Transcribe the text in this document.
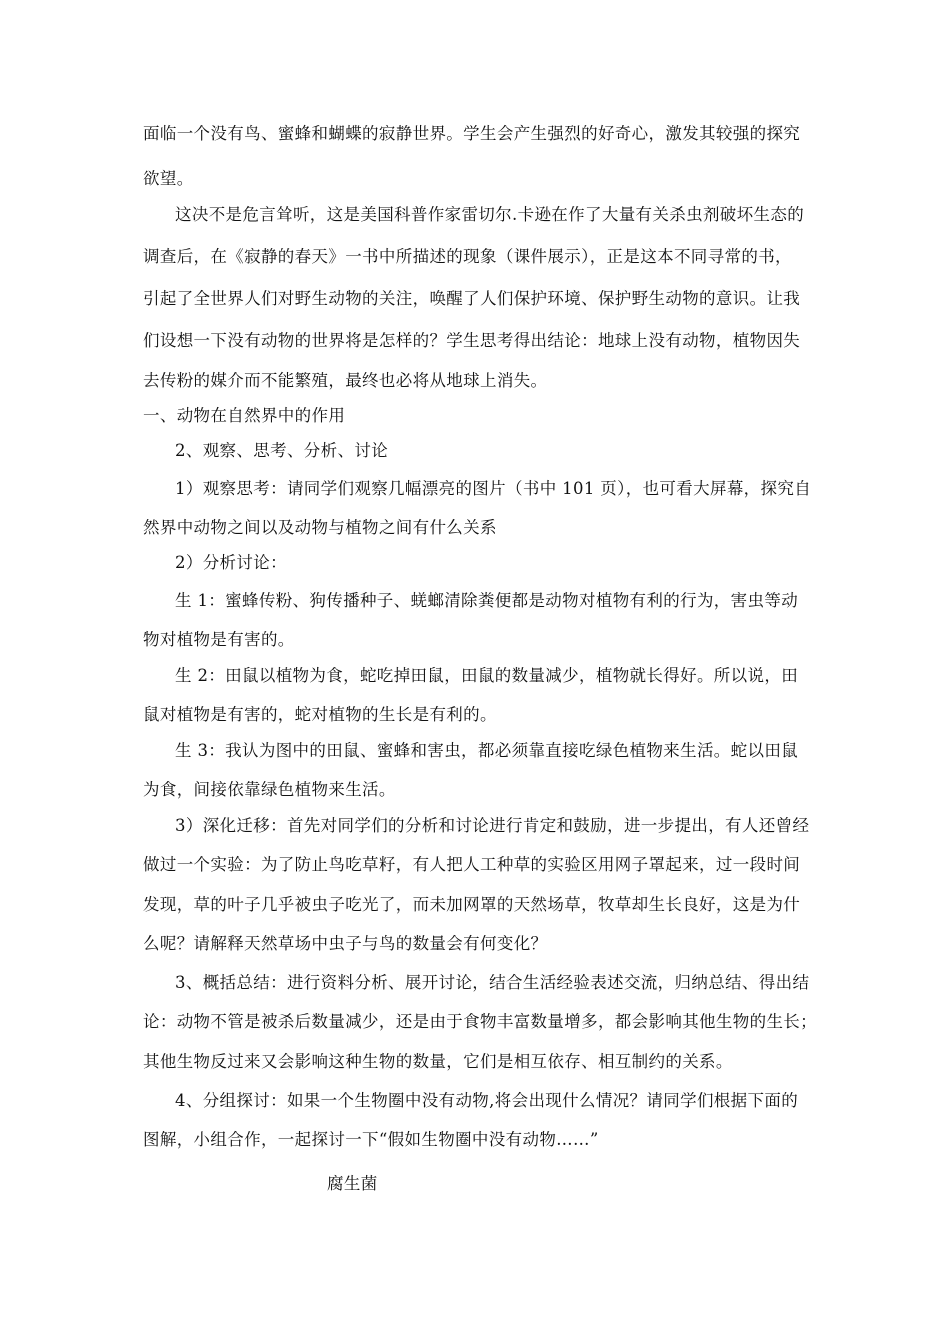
面临一个没有鸟、蜜蜂和蝴蝶的寂静世界。学生会产生强烈的好奇心，激发其较强的探究
欲望。
这决不是危言耸听，这是美国科普作家雷切尔.卡逊在作了大量有关杀虫剂破坏生态的
调查后，在《寂静的春天》一书中所描述的现象（课件展示），正是这本不同寻常的书，
引起了全世界人们对野生动物的关注，唤醒了人们保护环境、保护野生动物的意识。让我
们设想一下没有动物的世界将是怎样的？学生思考得出结论：地球上没有动物，植物因失
去传粉的媒介而不能繁殖，最终也必将从地球上消失。
一、动物在自然界中的作用
2、观察、思考、分析、讨论
1）观察思考：请同学们观察几幅漂亮的图片（书中 101 页），也可看大屏幕，探究自
然界中动物之间以及动物与植物之间有什么关系
2）分析讨论：
生 1：蜜蜂传粉、狗传播种子、蜣螂清除粪便都是动物对植物有利的行为，害虫等动
物对植物是有害的。
生 2：田鼠以植物为食，蛇吃掉田鼠，田鼠的数量减少，植物就长得好。所以说，田
鼠对植物是有害的，蛇对植物的生长是有利的。
生 3：我认为图中的田鼠、蜜蜂和害虫，都必须靠直接吃绿色植物来生活。蛇以田鼠
为食，间接依靠绿色植物来生活。
3）深化迁移：首先对同学们的分析和讨论进行肯定和鼓励，进一步提出，有人还曾经
做过一个实验：为了防止鸟吃草籽，有人把人工种草的实验区用网子罩起来，过一段时间
发现，草的叶子几乎被虫子吃光了，而未加网罩的天然场草，牧草却生长良好，这是为什
么呢？请解释天然草场中虫子与鸟的数量会有何变化？
3、概括总结：进行资料分析、展开讨论，结合生活经验表述交流，归纳总结、得出结
论：动物不管是被杀后数量减少，还是由于食物丰富数量增多，都会影响其他生物的生长；
其他生物反过来又会影响这种生物的数量，它们是相互依存、相互制约的关系。
4、分组探讨：如果一个生物圈中没有动物,将会出现什么情况？请同学们根据下面的
图解，小组合作，一起探讨一下“假如生物圈中没有动物……”
腐生菌
